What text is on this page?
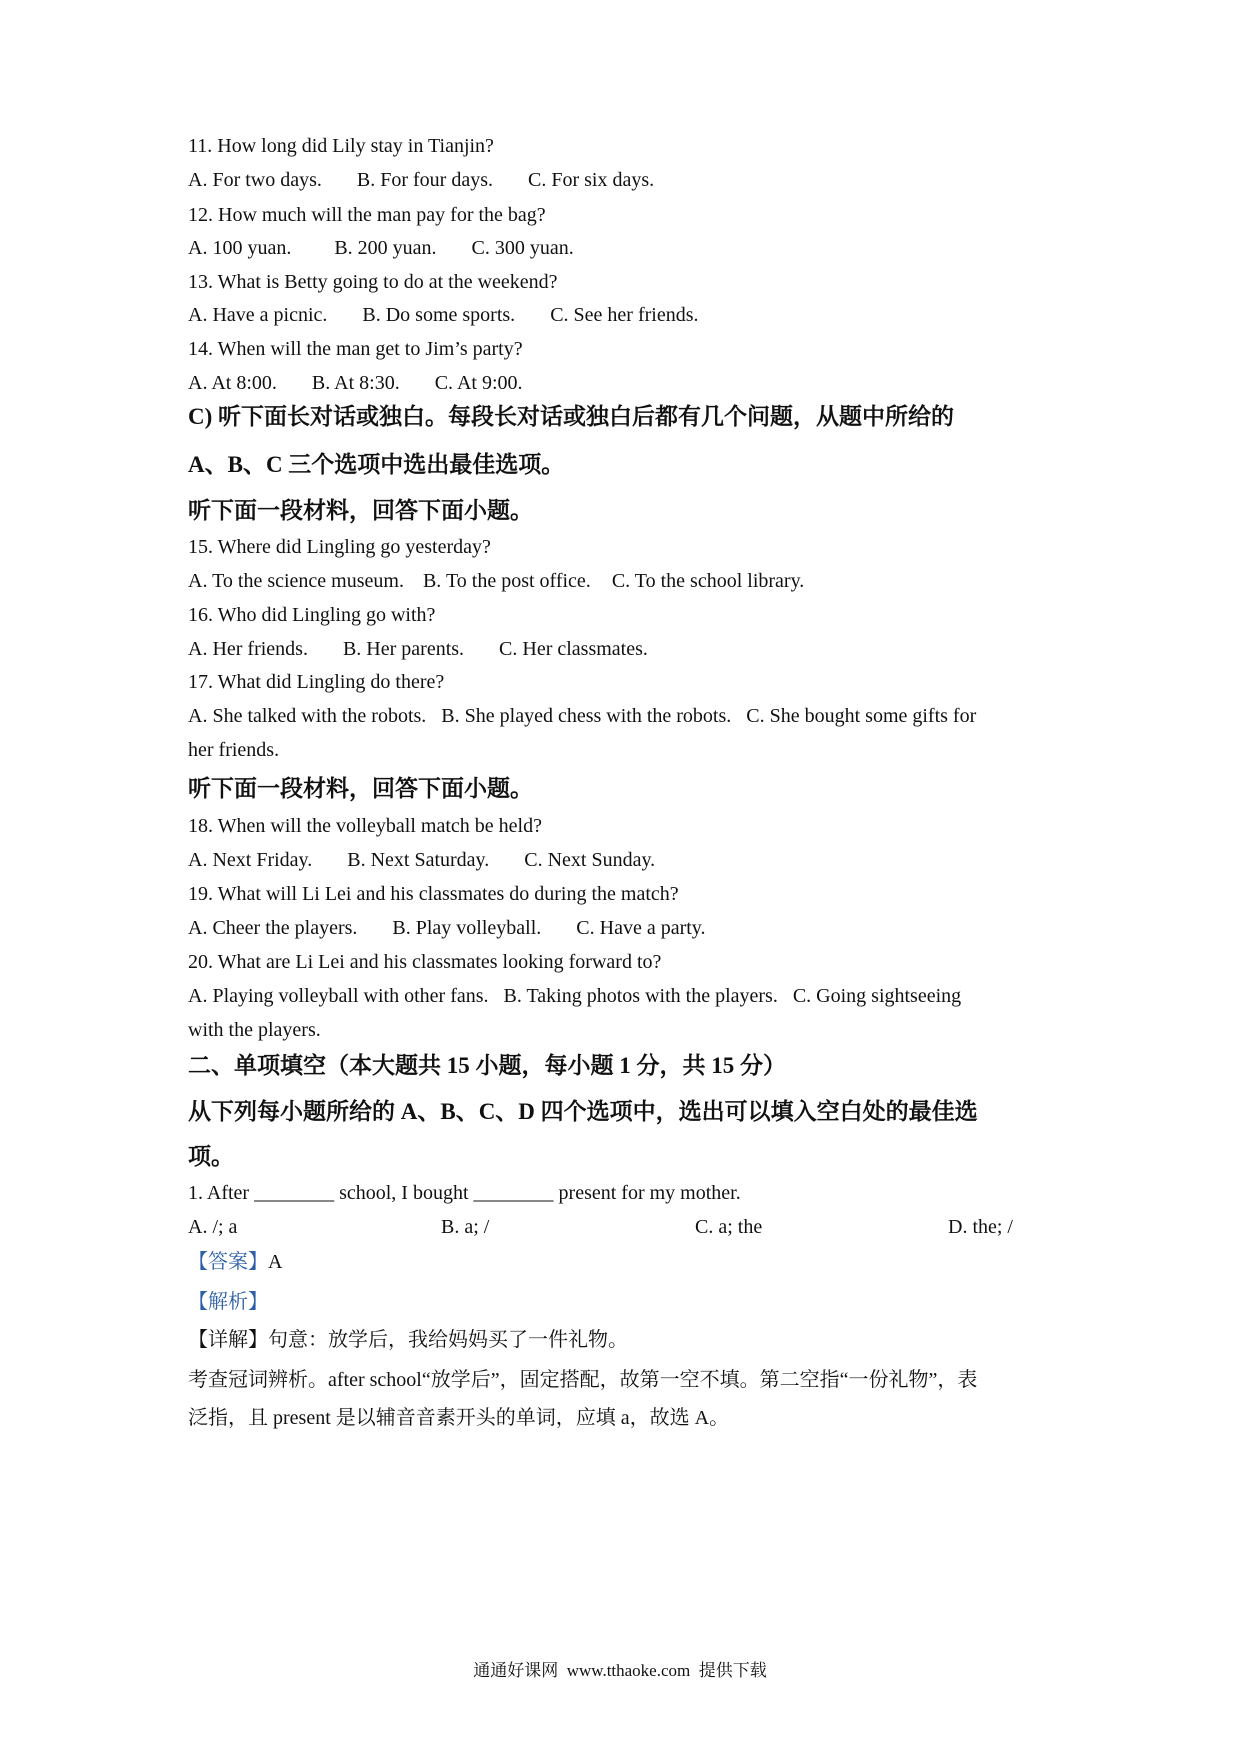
11. How long did Lily stay in Tianjin?
A. For two days. B. For four days. C. For six days.
12. How much will the man pay for the bag?
A. 100 yuan. B. 200 yuan. C. 300 yuan.
13. What is Betty going to do at the weekend?
A. Have a picnic. B. Do some sports. C. See her friends.
14. When will the man get to Jim’s party?
A. At 8:00. B. At 8:30. C. At 9:00.
C) 听下面长对话或独白。每段长对话或独白后都有几个问题，从题中所给的
A、B、C 三个选项中选出最佳选项。
听下面一段材料，回答下面小题。
15. Where did Lingling go yesterday?
A. To the science museum. B. To the post office. C. To the school library.
16. Who did Lingling go with?
A. Her friends. B. Her parents. C. Her classmates.
17. What did Lingling do there?
A. She talked with the robots.   B. She played chess with the robots.   C. She bought some gifts for
her friends.
听下面一段材料，回答下面小题。
18. When will the volleyball match be held?
A. Next Friday. B. Next Saturday. C. Next Sunday.
19. What will Li Lei and his classmates do during the match?
A. Cheer the players. B. Play volleyball. C. Have a party.
20. What are Li Lei and his classmates looking forward to?
A. Playing volleyball with other fans.   B. Taking photos with the players.   C. Going sightseeing
with the players.
二、单项填空（本大题共 15 小题，每小题 1 分，共 15 分）
从下列每小题所给的 A、B、C、D 四个选项中，选出可以填入空白处的最佳选
项。
1. After ________ school, I bought ________ present for my mother.
A. /; a	B. a; /	C. a; the	D. the; /
【答案】A
【解析】
【详解】句意：放学后，我给妈妈买了一件礼物。
考查冠词辨析。after school“放学后”，固定搭配，故第一空不填。第二空指“一份礼物”，表
泛指，且 present 是以辅音音素开头的单词，应填 a，故选 A。
通通好课网  www.tthaoke.com  提供下载
